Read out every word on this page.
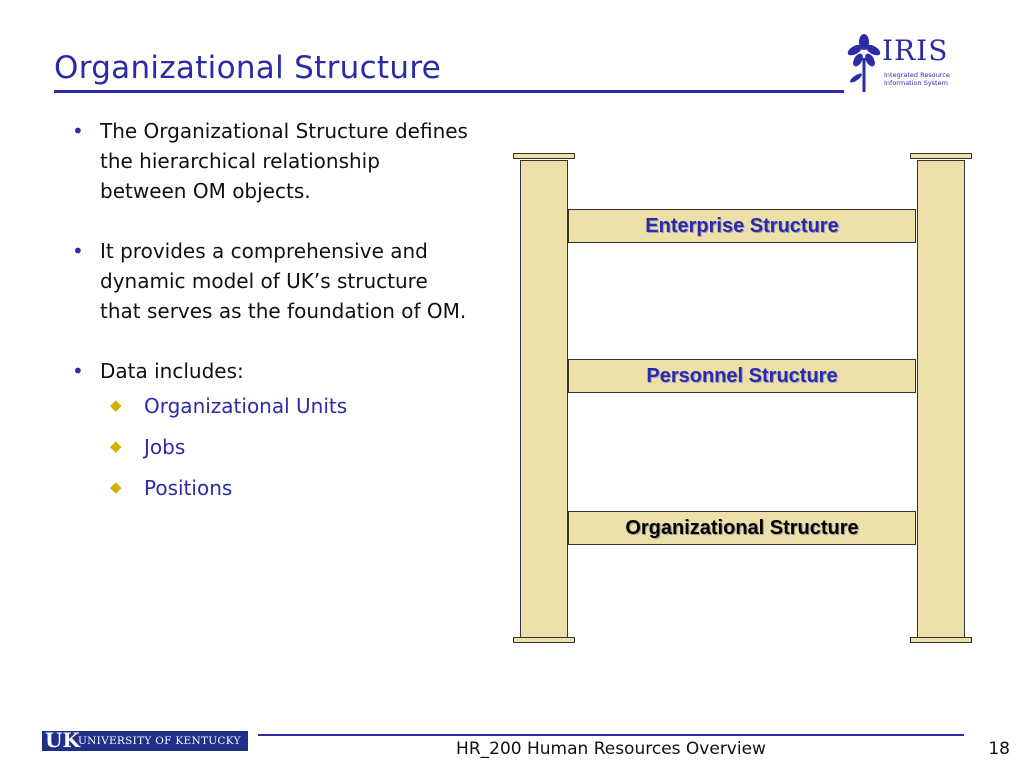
Organizational Structure	IRIS
Integrated Resource
Information System
• The Organizational Structure defines the hierarchical relationship between OM objects.
• It provides a comprehensive and dynamic model of UK’s structure that serves as the foundation of OM.
• Data includes:
◆ Organizational Units
◆ Jobs
◆ Positions
Enterprise Structure
Personnel Structure
Organizational Structure
UK
UNIVERSITY OF KENTUCKY	HR_200 Human Resources Overview	18
